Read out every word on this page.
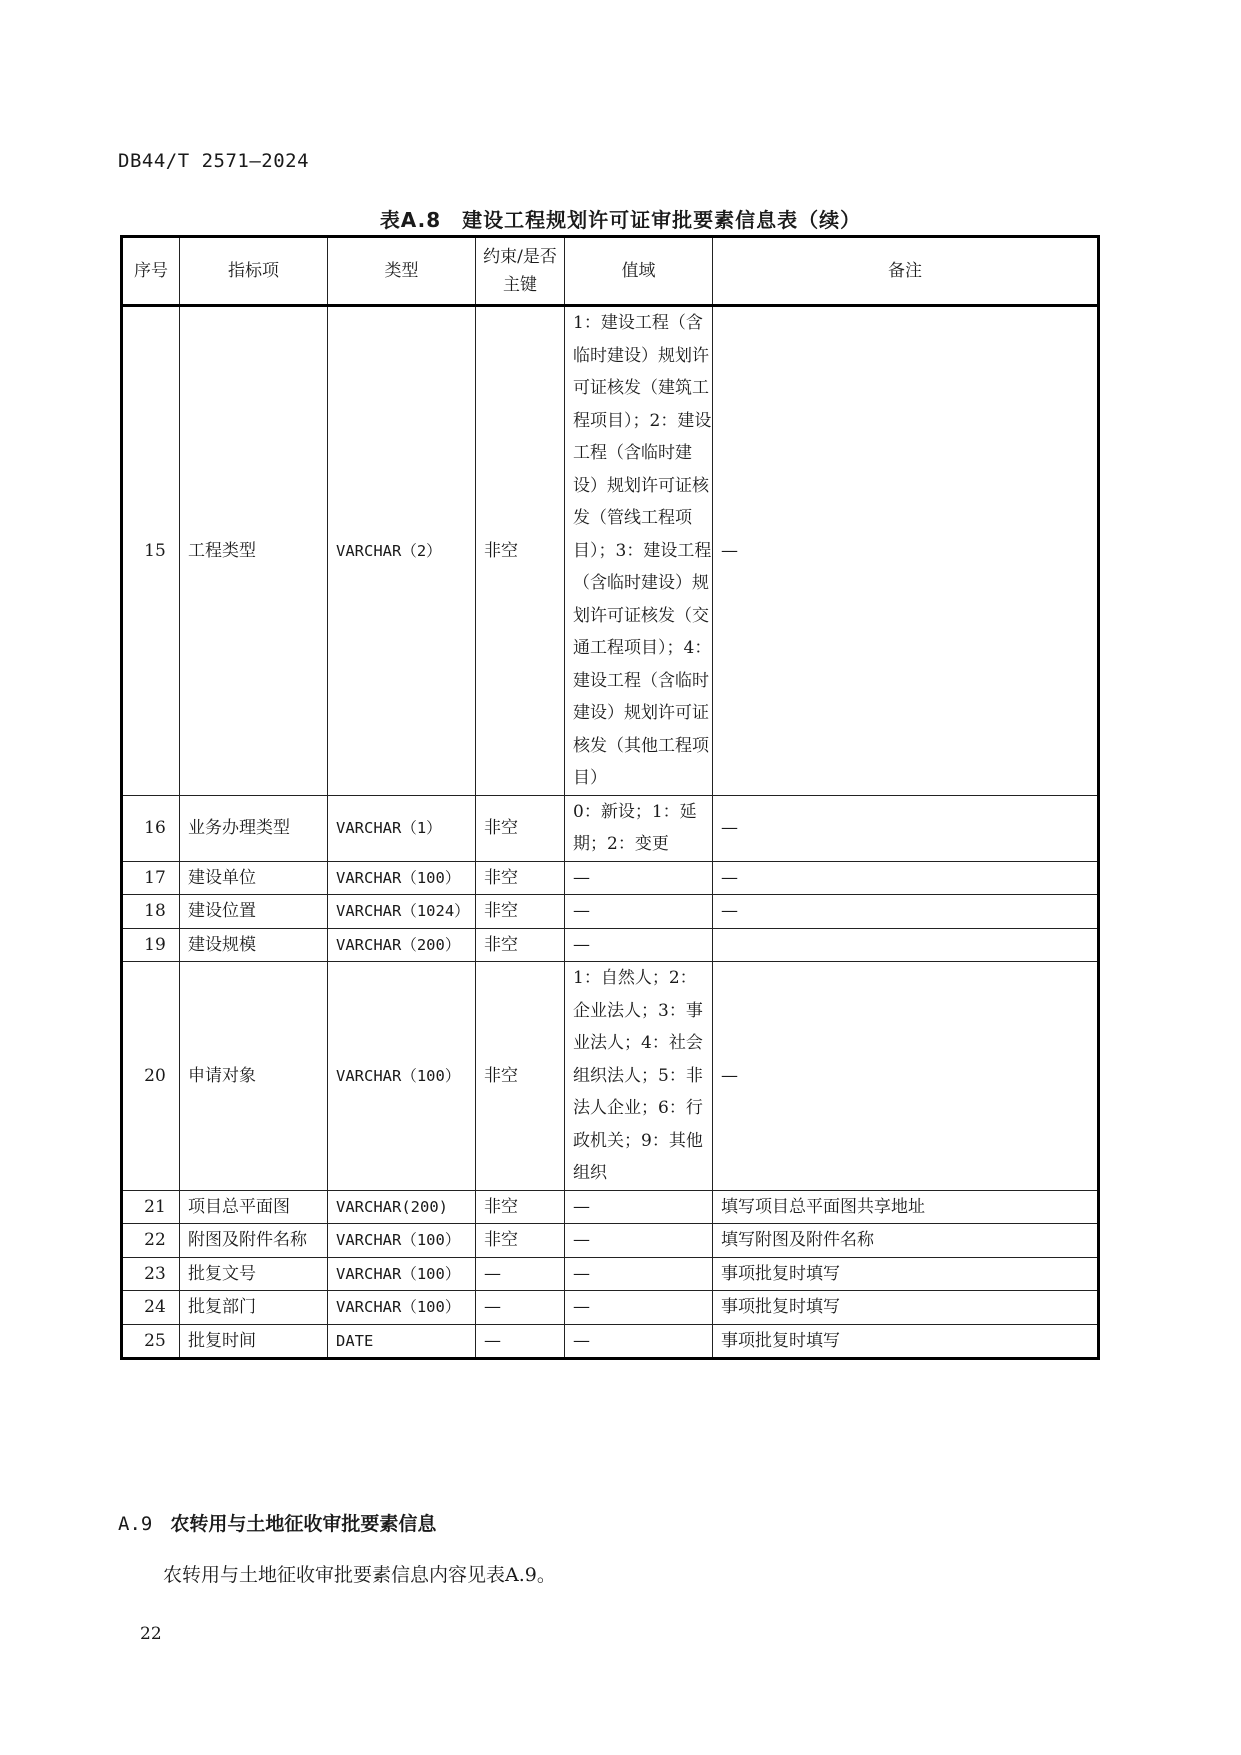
DB44/T 2571—2024
表A.8　建设工程规划许可证审批要素信息表（续）
序号	指标项	类型	约束/是否主键	值域	备注
15	工程类型	VARCHAR（2）	非空	1：建设工程（含临时建设）规划许可证核发（建筑工程项目）；2：建设工程（含临时建设）规划许可证核发（管线工程项目）；3：建设工程（含临时建设）规划许可证核发（交通工程项目）；4：建设工程（含临时建设）规划许可证核发（其他工程项目）	—
16	业务办理类型	VARCHAR（1）	非空	0：新设；1：延期；2：变更	—
17	建设单位	VARCHAR（100）	非空	—	—
18	建设位置	VARCHAR（1024）	非空	—	—
19	建设规模	VARCHAR（200）	非空	—	
20	申请对象	VARCHAR（100）	非空	1：自然人；2：企业法人；3：事业法人；4：社会组织法人；5：非法人企业；6：行政机关；9：其他组织	—
21	项目总平面图	VARCHAR(200)	非空	—	填写项目总平面图共享地址
22	附图及附件名称	VARCHAR（100）	非空	—	填写附图及附件名称
23	批复文号	VARCHAR（100）	—	—	事项批复时填写
24	批复部门	VARCHAR（100）	—	—	事项批复时填写
25	批复时间	DATE	—	—	事项批复时填写
A.9 农转用与土地征收审批要素信息
农转用与土地征收审批要素信息内容见表A.9。
22
